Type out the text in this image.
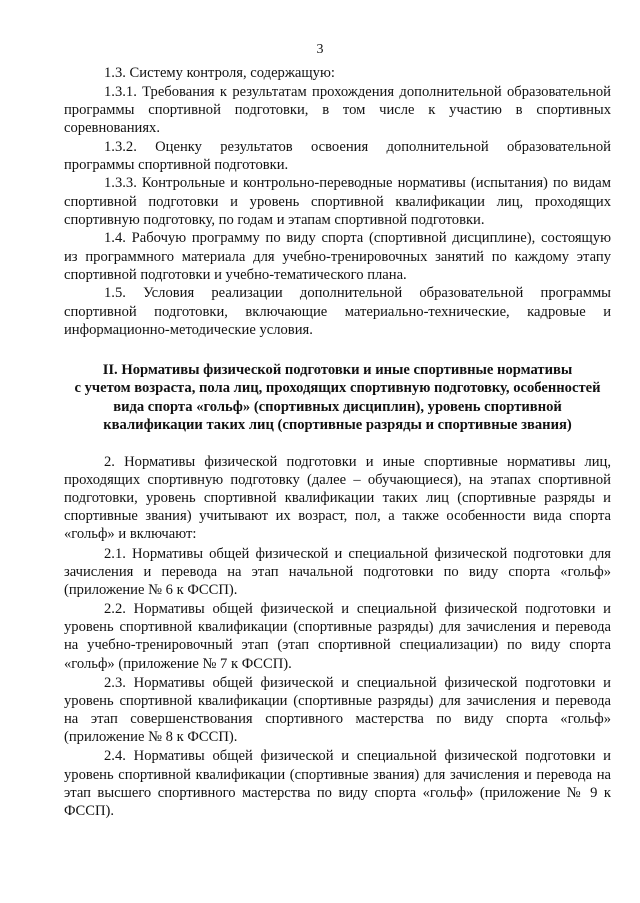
3

1.3. Систему контроля, содержащую:

1.3.1. Требования к результатам прохождения дополнительной образовательной программы спортивной подготовки, в том числе к участию в спортивных соревнованиях.

1.3.2. Оценку результатов освоения дополнительной образовательной программы спортивной подготовки.

1.3.3. Контрольные и контрольно-переводные нормативы (испытания) по видам спортивной подготовки и уровень спортивной квалификации лиц, проходящих спортивную подготовку, по годам и этапам спортивной подготовки.

1.4. Рабочую программу по виду спорта (спортивной дисциплине), состоящую из программного материала для учебно-тренировочных занятий по каждому этапу спортивной подготовки и учебно-тематического плана.

1.5. Условия реализации дополнительной образовательной программы спортивной подготовки, включающие материально-технические, кадровые и информационно-методические условия.

II. Нормативы физической подготовки и иные спортивные нормативы
с учетом возраста, пола лиц, проходящих спортивную подготовку, особенностей
вида спорта «гольф» (спортивных дисциплин), уровень спортивной
квалификации таких лиц (спортивные разряды и спортивные звания)

2. Нормативы физической подготовки и иные спортивные нормативы лиц, проходящих спортивную подготовку (далее – обучающиеся), на этапах спортивной подготовки, уровень спортивной квалификации таких лиц (спортивные разряды и спортивные звания) учитывают их возраст, пол, а также особенности вида спорта «гольф» и включают:

2.1. Нормативы общей физической и специальной физической подготовки для зачисления и перевода на этап начальной подготовки по виду спорта «гольф» (приложение № 6 к ФССП).

2.2. Нормативы общей физической и специальной физической подготовки и уровень спортивной квалификации (спортивные разряды) для зачисления и перевода на учебно-тренировочный этап (этап спортивной специализации) по виду спорта «гольф» (приложение № 7 к ФССП).

2.3. Нормативы общей физической и специальной физической подготовки и уровень спортивной квалификации (спортивные разряды) для зачисления и перевода на этап совершенствования спортивного мастерства по виду спорта «гольф» (приложение № 8 к ФССП).

2.4. Нормативы общей физической и специальной физической подготовки и уровень спортивной квалификации (спортивные звания) для зачисления и перевода на этап высшего спортивного мастерства по виду спорта «гольф» (приложение № 9 к ФССП).
